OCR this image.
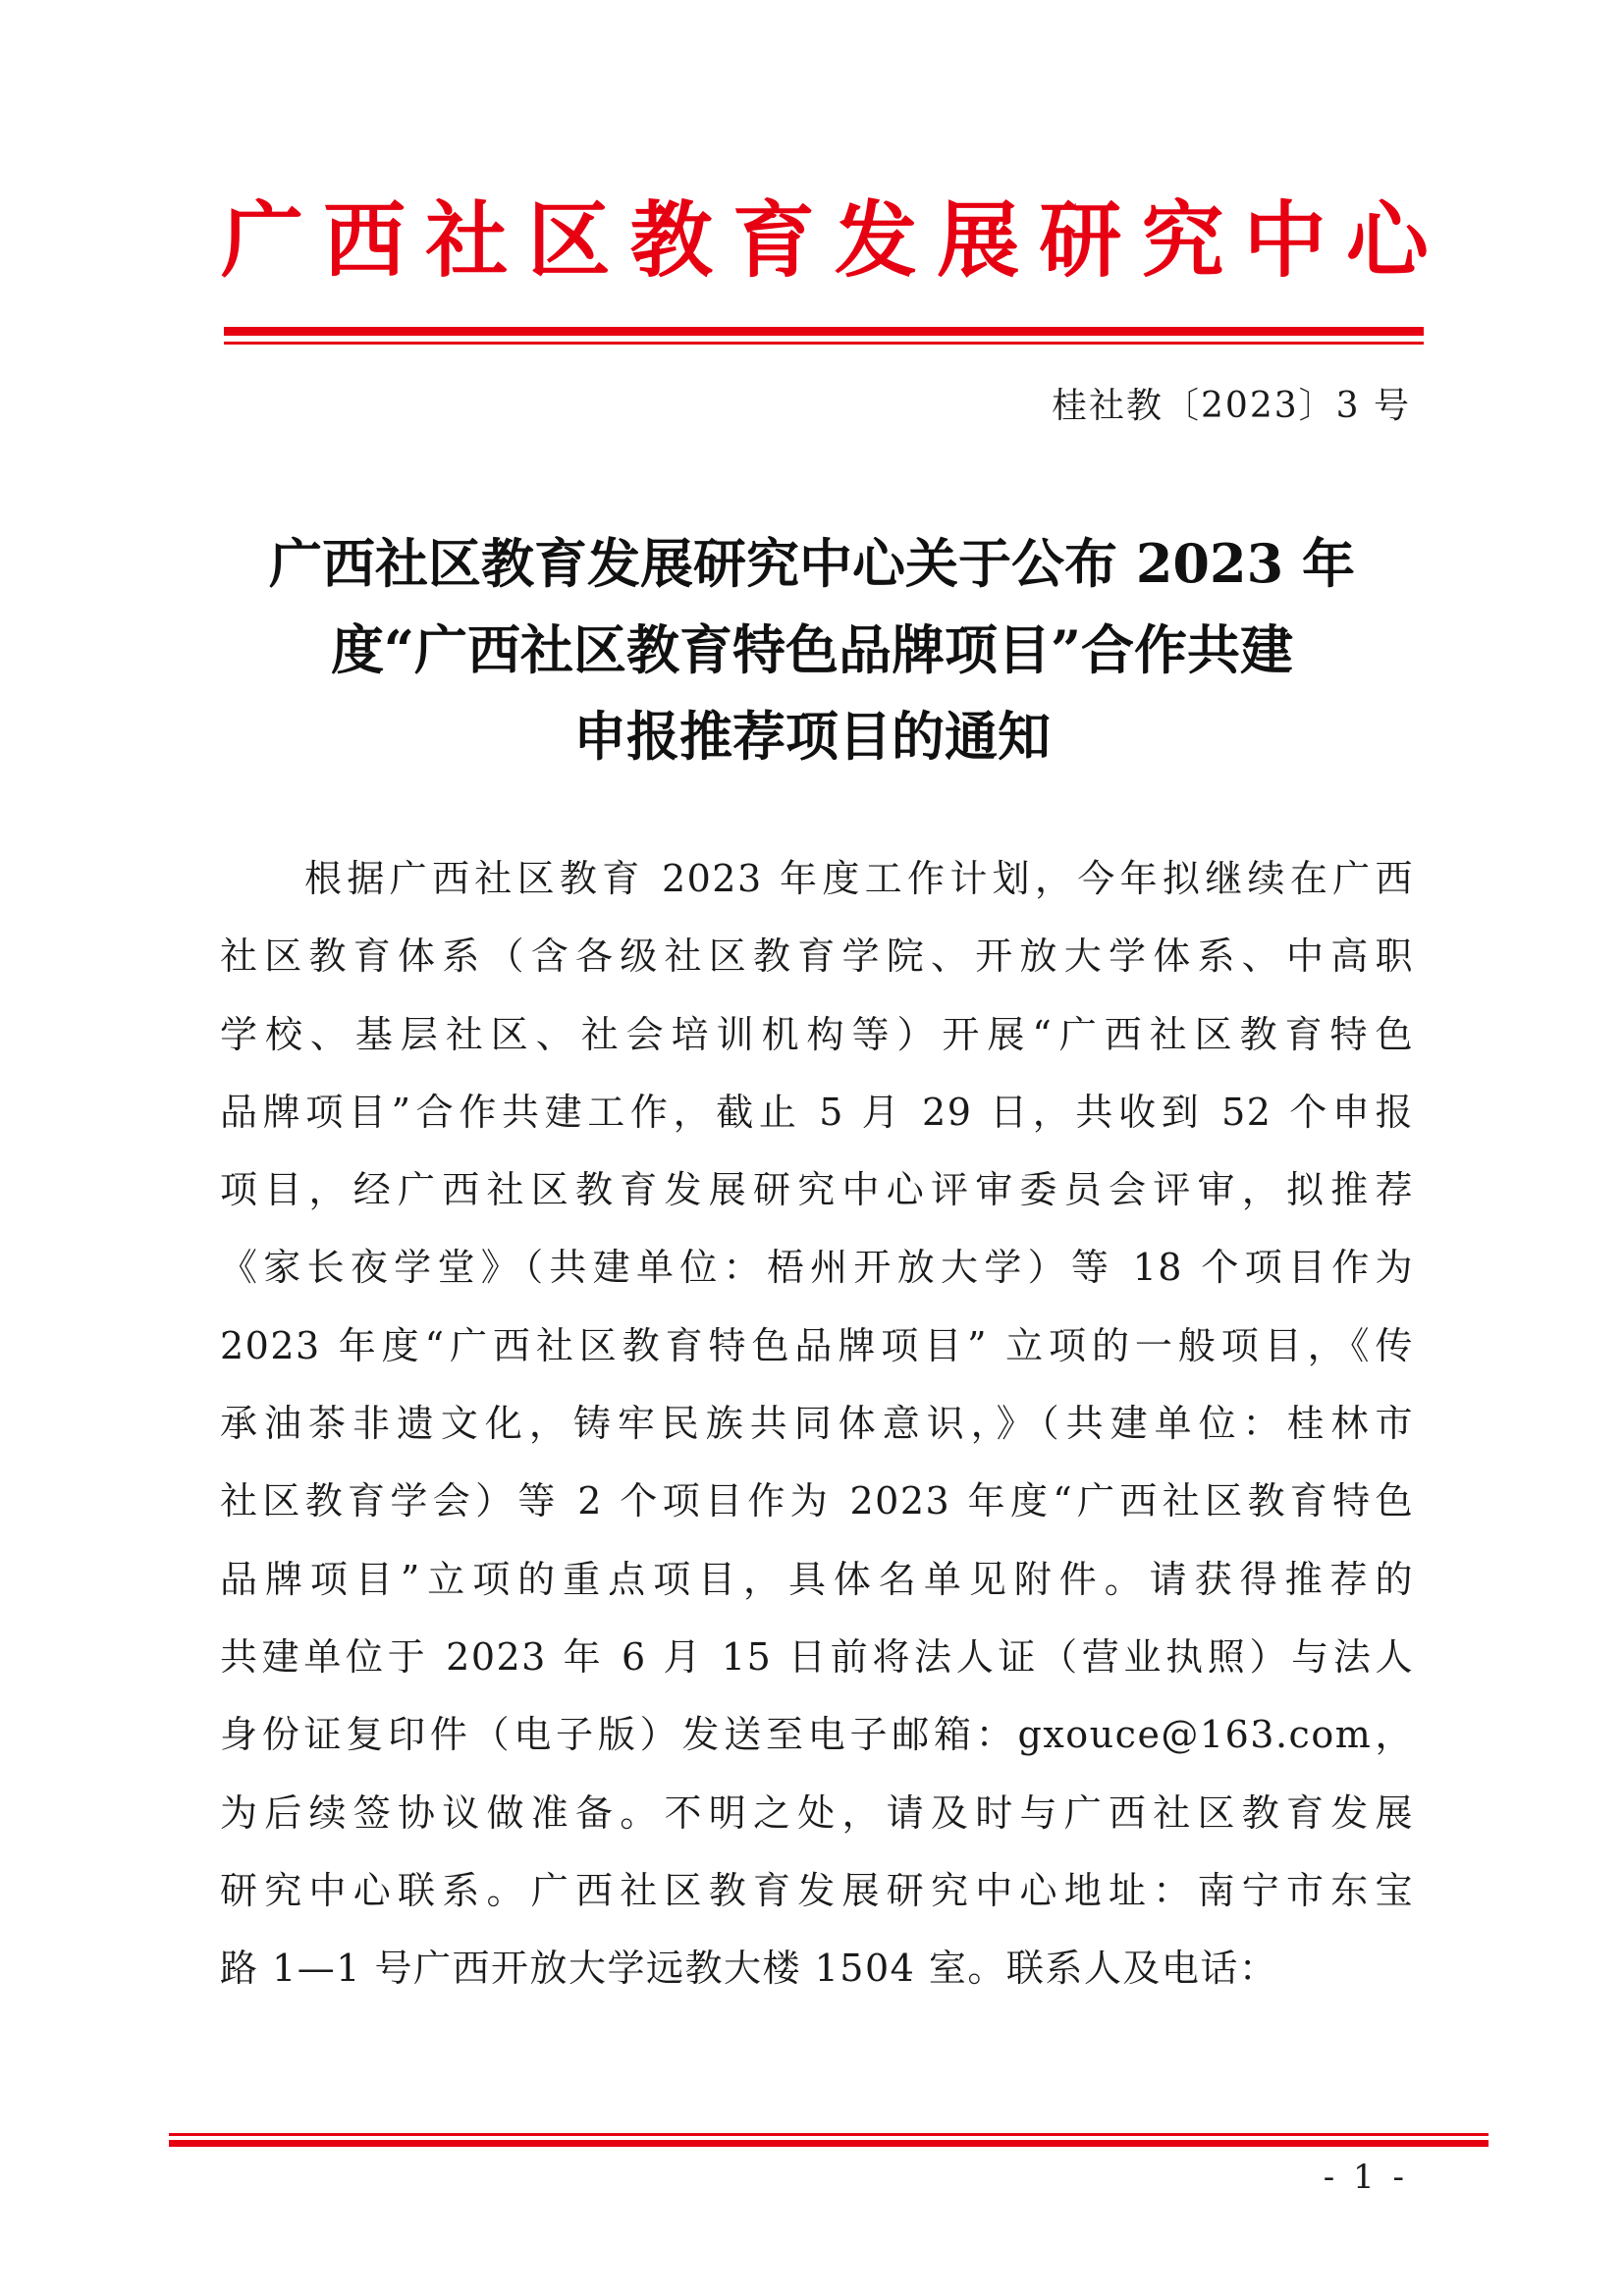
广 西 社 区 教 育 发 展 研 究 中 心
桂社教〔2023〕3 号
广西社区教育发展研究中心关于公布 2023 年
度“广西社区教育特色品牌项目”合作共建
申报推荐项目的通知
根据广西社区教育 2023 年度工作计划，今年拟继续在广西
社区教育体系（含各级社区教育学院、开放大学体系、中高职
学校、基层社区、社会培训机构等）开展“广西社区教育特色
品牌项目”合作共建工作，截止 5 月 29 日，共收到 52 个申报
项目，经广西社区教育发展研究中心评审委员会评审，拟推荐
《家长夜学堂》（共建单位：梧州开放大学）等 18 个项目作为
2023 年度“广西社区教育特色品牌项目” 立项的一般项目，《传
承油茶非遗文化，铸牢民族共同体意识，》（共建单位：桂林市
社区教育学会）等 2 个项目作为 2023 年度“广西社区教育特色
品牌项目”立项的重点项目，具体名单见附件。请获得推荐的
共建单位于 2023 年 6 月 15 日前将法人证（营业执照）与法人
身份证复印件（电子版）发送至电子邮箱：gxouce@163.com，
为后续签协议做准备。不明之处，请及时与广西社区教育发展
研究中心联系。广西社区教育发展研究中心地址：南宁市东宝
路 1—1 号广西开放大学远教大楼 1504 室。联系人及电话：
- 1 -
